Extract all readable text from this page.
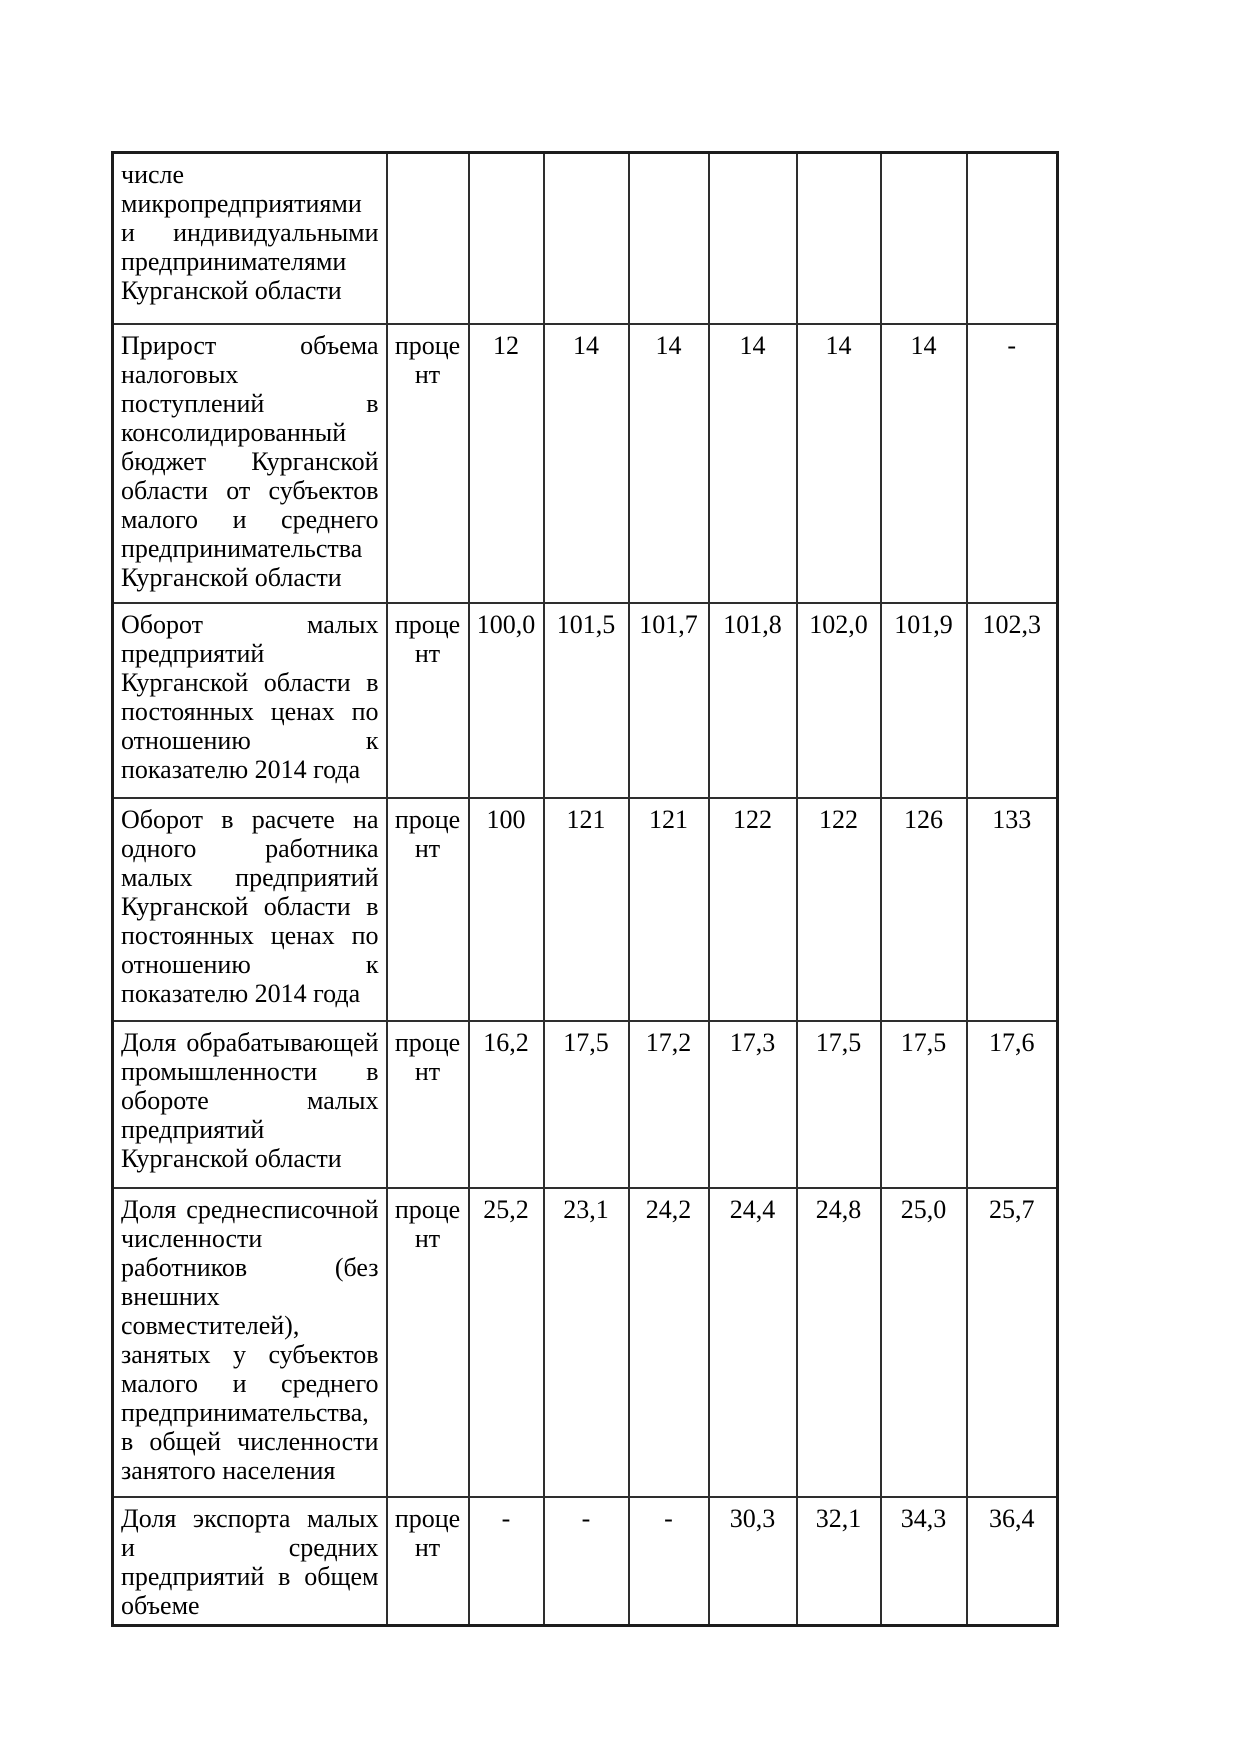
числе микропредприятиями и индивидуальными предпринимателями Курганской области								
Прирост объема налоговых поступлений в консолидированный бюджет Курганской области от субъектов малого и среднего предпринимательства Курганской области	проце нт	12	14	14	14	14	14	-
Оборот малых предприятий Курганской области в постоянных ценах по отношению к показателю 2014 года	проце нт	100,0	101,5	101,7	101,8	102,0	101,9	102,3
Оборот в расчете на одного работника малых предприятий Курганской области в постоянных ценах по отношению к показателю 2014 года	проце нт	100	121	121	122	122	126	133
Доля обрабатывающей промышленности в обороте малых предприятий Курганской области	проце нт	16,2	17,5	17,2	17,3	17,5	17,5	17,6
Доля среднесписочной численности работников (без внешних совместителей), занятых у субъектов малого и среднего предпринимательства, в общей численности занятого населения	проце нт	25,2	23,1	24,2	24,4	24,8	25,0	25,7
Доля экспорта малых и средних предприятий в общем объеме	проце нт	-	-	-	30,3	32,1	34,3	36,4
